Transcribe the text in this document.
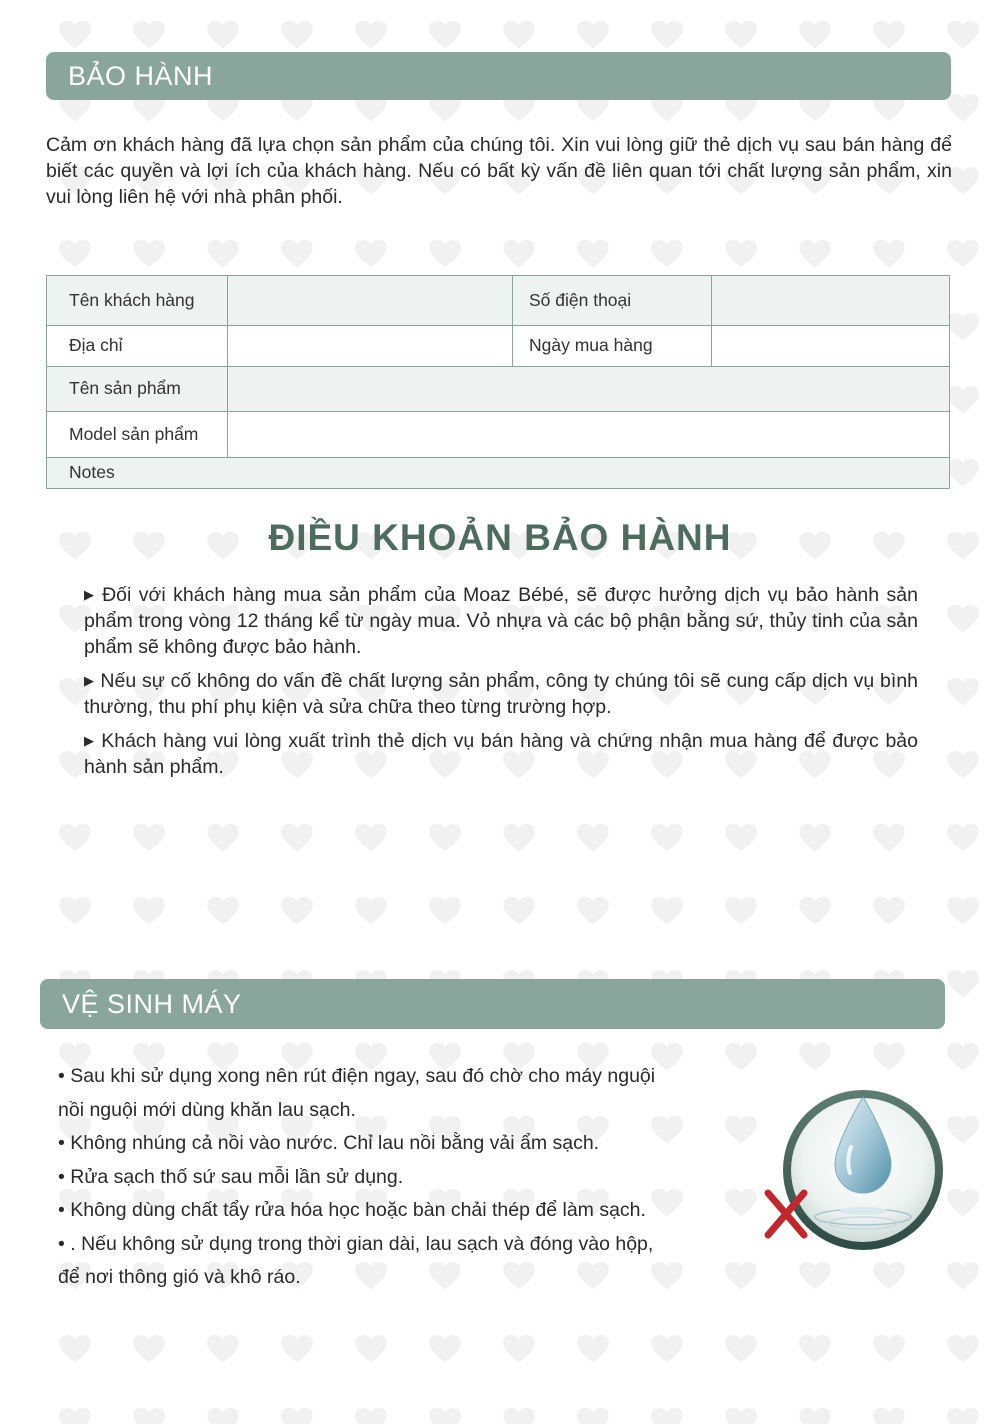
BẢO HÀNH

Cảm ơn khách hàng đã lựa chọn sản phẩm của chúng tôi. Xin vui lòng giữ thẻ dịch vụ sau bán hàng để biết các quyền và lợi ích của khách hàng. Nếu có bất kỳ vấn đề liên quan tới chất lượng sản phẩm, xin vui lòng liên hệ với nhà phân phối.

Tên khách hàng	Số điện thoại
Địa chỉ	Ngày mua hàng
Tên sản phẩm
Model sản phẩm
Notes
ĐIỀU KHOẢN BẢO HÀNH

▶ Đối với khách hàng mua sản phẩm của Moaz Bébé, sẽ được hưởng dịch vụ bảo hành sản phẩm trong vòng 12 tháng kể từ ngày mua. Vỏ nhựa và các bộ phận bằng sứ, thủy tinh của sản phẩm sẽ không được bảo hành.

▶ Nếu sự cố không do vấn đề chất lượng sản phẩm, công ty chúng tôi sẽ cung cấp dịch vụ bình thường, thu phí phụ kiện và sửa chữa theo từng trường hợp.

▶ Khách hàng vui lòng xuất trình thẻ dịch vụ bán hàng và chứng nhận mua hàng để được bảo hành sản phẩm.

VỆ SINH MÁY
• Sau khi sử dụng xong nên rút điện ngay, sau đó chờ cho máy nguội
nồi nguội mới dùng khăn lau sạch.
• Không nhúng cả nồi vào nước. Chỉ lau nồi bằng vải ẩm sạch.
• Rửa sạch thố sứ sau mỗi lần sử dụng.
• Không dùng chất tẩy rửa hóa học hoặc bàn chải thép để làm sạch.
• . Nếu không sử dụng trong thời gian dài, lau sạch và đóng vào hộp,
để nơi thông gió và khô ráo.
